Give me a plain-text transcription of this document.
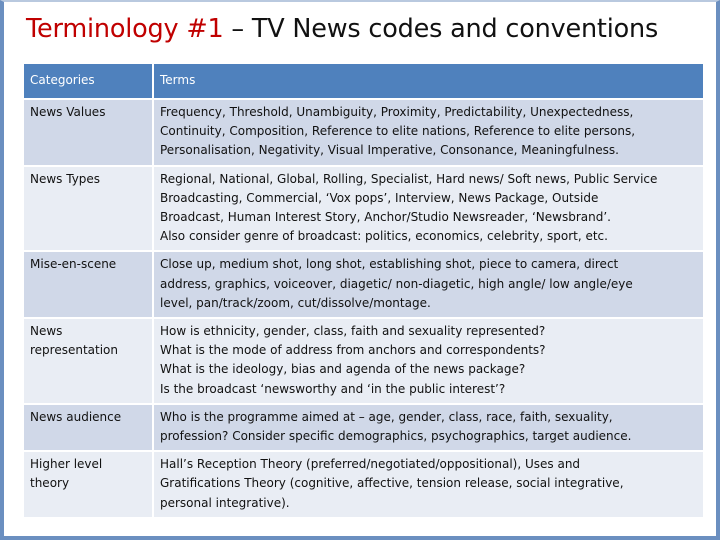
Terminology #1 – TV News codes and conventions
Categories	Terms
News Values	Frequency, Threshold, Unambiguity, Proximity, Predictability, Unexpectedness,
Continuity, Composition, Reference to elite nations, Reference to elite persons,
Personalisation, Negativity, Visual Imperative, Consonance, Meaningfulness.
News Types	Regional, National, Global, Rolling, Specialist, Hard news/ Soft news, Public Service
Broadcasting, Commercial, ‘Vox pops’, Interview, News Package, Outside
Broadcast, Human Interest Story, Anchor/Studio Newsreader, ‘Newsbrand’.
Also consider genre of broadcast: politics, economics, celebrity, sport, etc.
Mise-en-scene	Close up, medium shot, long shot, establishing shot, piece to camera, direct
address, graphics, voiceover, diagetic/ non-diagetic, high angle/ low angle/eye
level, pan/track/zoom, cut/dissolve/montage.
News
representation	How is ethnicity, gender, class, faith and sexuality represented?
What is the mode of address from anchors and correspondents?
What is the ideology, bias and agenda of the news package?
Is the broadcast ‘newsworthy and ‘in the public interest’?
News audience	Who is the programme aimed at – age, gender, class, race, faith, sexuality,
profession? Consider specific demographics, psychographics, target audience.
Higher level
theory	Hall’s Reception Theory (preferred/negotiated/oppositional), Uses and
Gratifications Theory (cognitive, affective, tension release, social integrative,
personal integrative).
